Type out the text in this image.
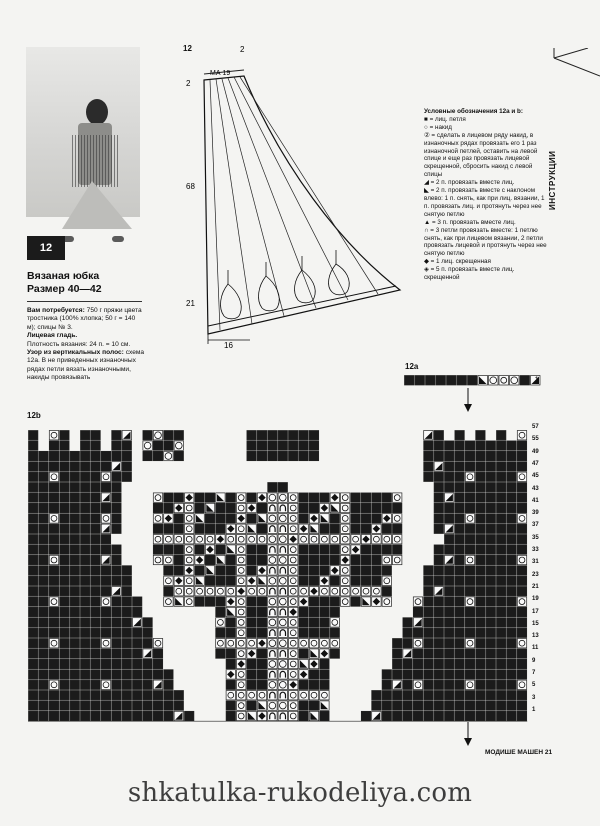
12
Вязаная юбка
Размер 40—42
Вам потребуется: 750 г пряжи цвета тростника (100% хлопка; 50 г = 140 м); спицы № 3.
Лицевая гладь.
Плотность вязания: 24 п. = 10 см.
Узор из вертикальных полос: схема 12а. В не приведенных изнаночных рядах петли вязать изнаночными, накиды провязывать
12	2
2
МА 19
68
21
16
Условные обозначения 12a и b:
■ = лиц. петля
○ = накид
② = сделать в лицевом ряду накид, в изнаночных рядах провязать его 1 раз изнаночной петлей, оставить на левой спице и еще раз провязать лицевой скрещенной, сбросить накид с левой спицы
◢ = 2 п. провязать вместе лиц.
◣ = 2 п. провязать вместе с наклоном влево: 1 п. снять, как при лиц. вязании, 1 п. провязать лиц. и протянуть через нее снятую петлю
▲ = 3 п. провязать вместе лиц.
∩ = 3 петли провязать вместе: 1 петлю снять, как при лицевом вязании, 2 петли провязать лицевой и протянуть через нее снятую петлю
◆ = 1 лиц. скрещенная
◈ = 5 п. провязать вместе лиц. скрещенной
ИНСТРУКЦИИ
12a
1
12b
57
55
49
47
45
43
41
39
37
35
33
31
23
21
19
17
15
13
11
9
7
5
3
1
МОДИШЕ МАШЕН 21
shkatulka-rukodeliya.com
